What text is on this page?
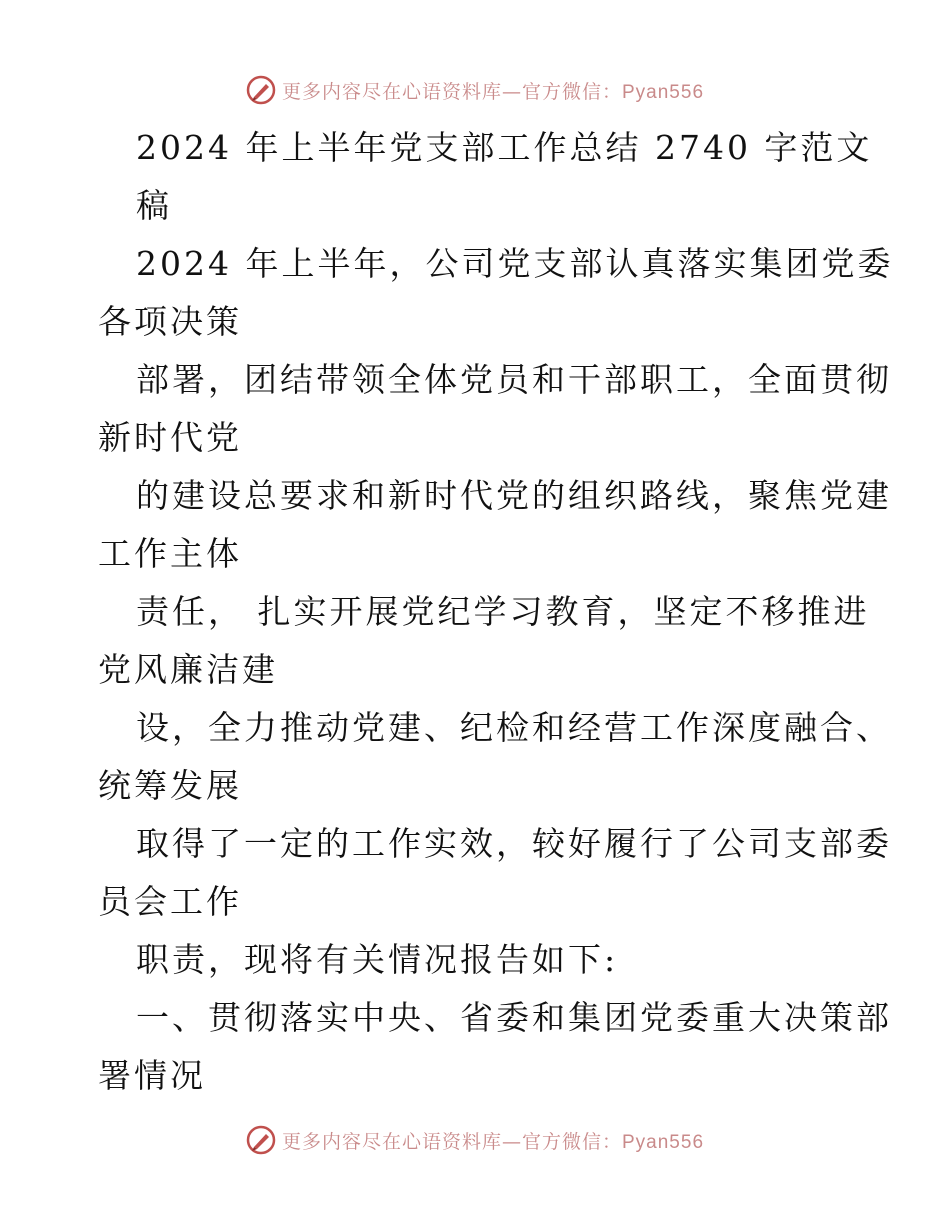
更多内容尽在心语资料库—官方微信：Pyan556
2024 年上半年党支部工作总结 2740 字范文
稿
2024 年上半年，公司党支部认真落实集团党委
各项决策
部署，团结带领全体党员和干部职工，全面贯彻
新时代党
的建设总要求和新时代党的组织路线，聚焦党建
工作主体
责任， 扎实开展党纪学习教育，坚定不移推进
党风廉洁建
设，全力推动党建、纪检和经营工作深度融合、
统筹发展
取得了一定的工作实效，较好履行了公司支部委
员会工作
职责，现将有关情况报告如下:
一、贯彻落实中央、省委和集团党委重大决策部
署情况
更多内容尽在心语资料库—官方微信：Pyan556
